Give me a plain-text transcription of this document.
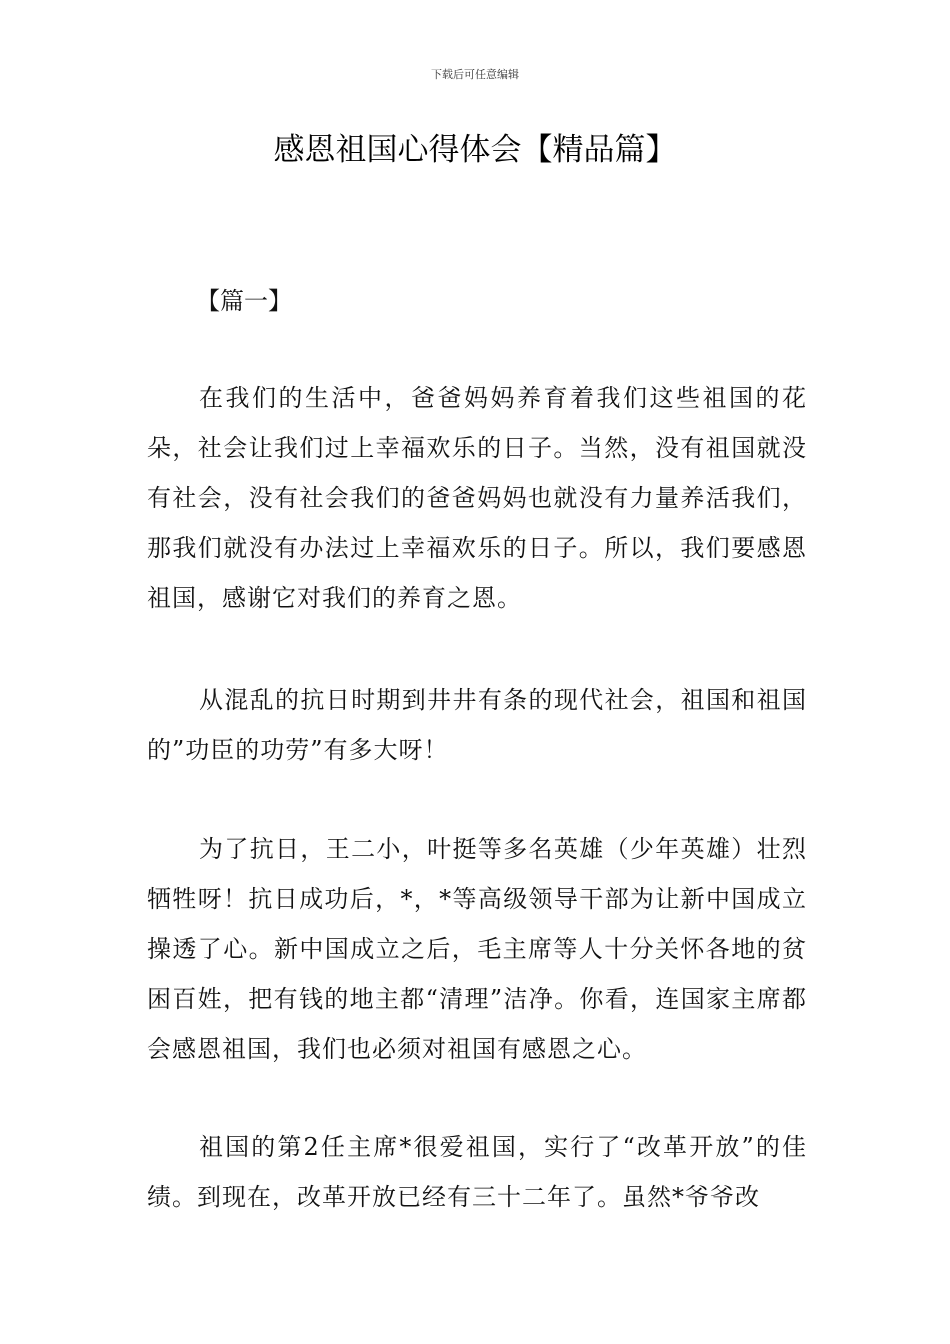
下载后可任意编辑
感恩祖国心得体会【精品篇】

【篇一】

在我们的生活中，爸爸妈妈养育着我们这些祖国的花朵，社会让我们过上幸福欢乐的日子。当然，没有祖国就没有社会，没有社会我们的爸爸妈妈也就没有力量养活我们，那我们就没有办法过上幸福欢乐的日子。所以，我们要感恩祖国，感谢它对我们的养育之恩。

从混乱的抗日时期到井井有条的现代社会，祖国和祖国的”功臣的功劳”有多大呀！

为了抗日，王二小，叶挺等多名英雄（少年英雄）壮烈牺牲呀！抗日成功后，*，*等高级领导干部为让新中国成立操透了心。新中国成立之后，毛主席等人十分关怀各地的贫困百姓，把有钱的地主都“清理”洁净。你看，连国家主席都会感恩祖国，我们也必须对祖国有感恩之心。

祖国的第2任主席*很爱祖国，实行了“改革开放”的佳绩。到现在，改革开放已经有三十二年了。虽然*爷爷改
